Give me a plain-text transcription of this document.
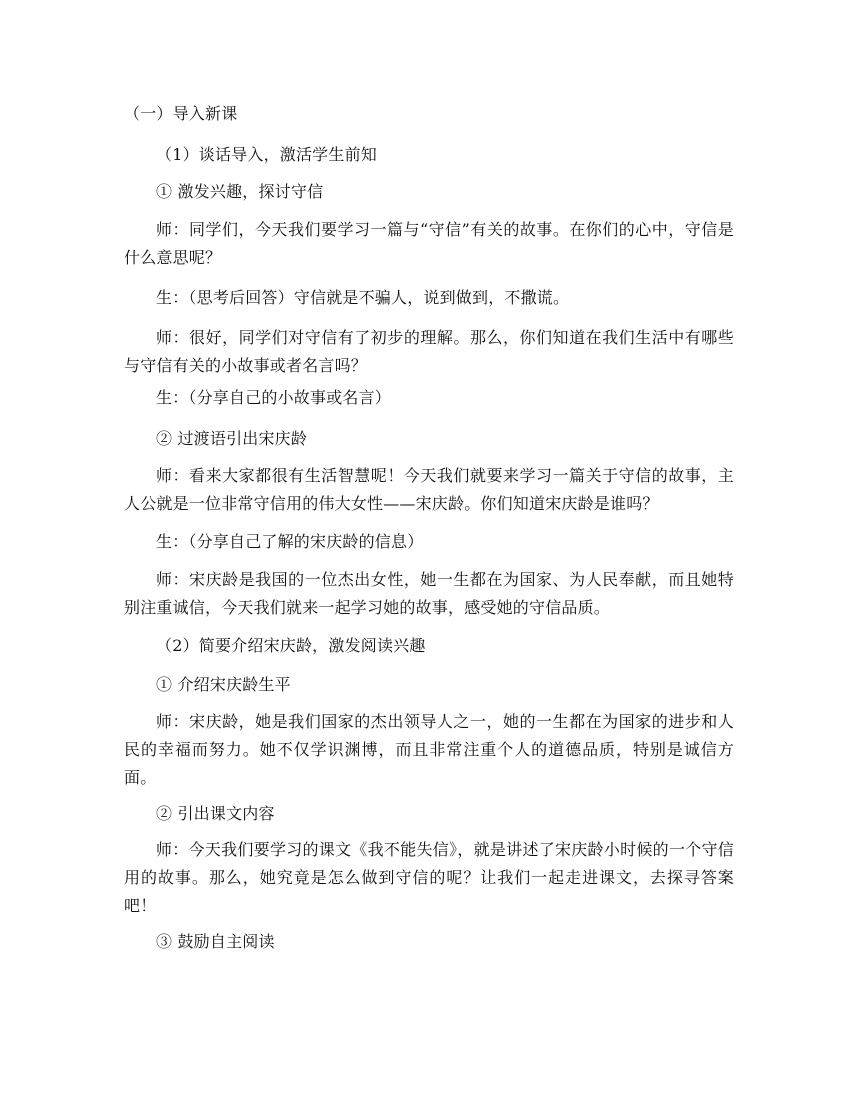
（一）导入新课
（1）谈话导入，激活学生前知
① 激发兴趣，探讨守信
师：同学们，今天我们要学习一篇与“守信”有关的故事。在你们的心中，守信是什么意思呢？
生：（思考后回答）守信就是不骗人，说到做到，不撒谎。
师：很好，同学们对守信有了初步的理解。那么，你们知道在我们生活中有哪些与守信有关的小故事或者名言吗？
生：（分享自己的小故事或名言）
② 过渡语引出宋庆龄
师：看来大家都很有生活智慧呢！今天我们就要来学习一篇关于守信的故事，主人公就是一位非常守信用的伟大女性——宋庆龄。你们知道宋庆龄是谁吗？
生：（分享自己了解的宋庆龄的信息）
师：宋庆龄是我国的一位杰出女性，她一生都在为国家、为人民奉献，而且她特别注重诚信，今天我们就来一起学习她的故事，感受她的守信品质。
（2）简要介绍宋庆龄，激发阅读兴趣
① 介绍宋庆龄生平
师：宋庆龄，她是我们国家的杰出领导人之一，她的一生都在为国家的进步和人民的幸福而努力。她不仅学识渊博，而且非常注重个人的道德品质，特别是诚信方面。
② 引出课文内容
师：今天我们要学习的课文《我不能失信》，就是讲述了宋庆龄小时候的一个守信用的故事。那么，她究竟是怎么做到守信的呢？让我们一起走进课文，去探寻答案吧！
③ 鼓励自主阅读
